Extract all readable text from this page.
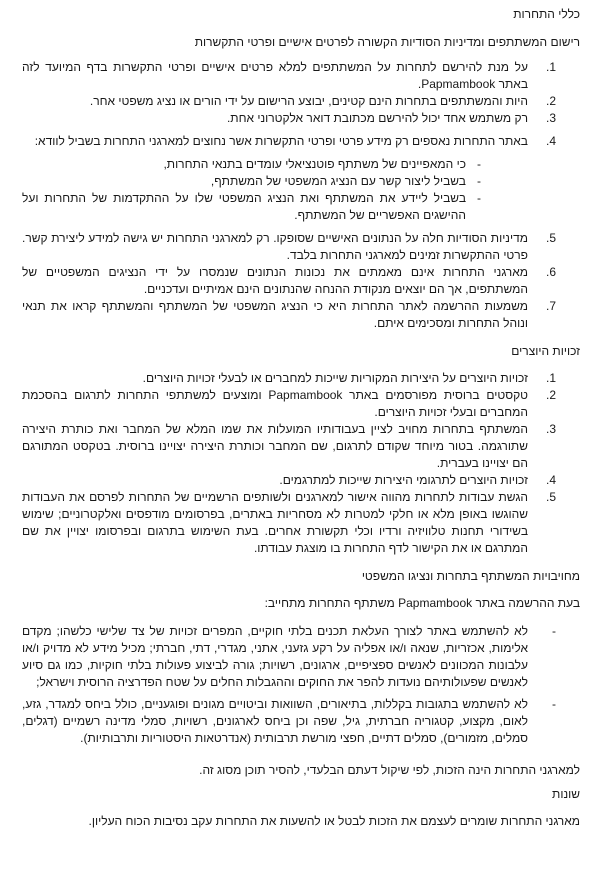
כללי התחרות

רישום המשתתפים ומדיניות הסודיות הקשורה לפרטים אישיים ופרטי התקשרות

1.
על מנת להירשם לתחרות על המשתתפים למלא פרטים אישיים ופרטי התקשרות בדף המיועד לזה באתר Papmambook.
2.
היות והמשתתפים בתחרות הינם קטינים, יבוצע הרישום על ידי הורים או נציג משפטי אחר.
3.
רק משתמש אחד יכול להירשם מכתובת דואר אלקטרוני אחת.
4.
באתר התחרות נאספים רק מידע פרטי ופרטי התקשרות אשר נחוצים למארגני התחרות בשביל לוודא:
-
כי המאפיינים של משתתף פוטנציאלי עומדים בתנאי התחרות,
-
בשביל ליצור קשר עם הנציג המשפטי של המשתתף,
-
בשביל ליידע את המשתתף ואת הנציג המשפטי שלו על ההתקדמות של התחרות ועל ההישגים האפשריים של המשתתף.
5.
מדיניות הסודיות חלה על הנתונים האישיים שסופקו. רק למארגני התחרות יש גישה למידע ליצירת קשר. פרטי ההתקשרות זמינים למארגני התחרות בלבד.
6.
מארגני התחרות אינם מאמתים את נכונות הנתונים שנמסרו על ידי הנציגים המשפטיים של המשתתפים, אך הם יוצאים מנקודת ההנחה שהנתונים הינם אמיתיים ועדכניים.
7.
משמעות ההרשמה לאתר התחרות היא כי הנציג המשפטי של המשתתף והמשתתף קראו את תנאי ונוהל התחרות ומסכימים איתם.

זכויות היוצרים

1.
זכויות היוצרים על היצירות המקוריות שייכות למחברים או לבעלי זכויות היוצרים.
2.
טקסטים ברוסית מפורסמים באתר Papmambook ומוצעים למשתתפי התחרות לתרגום בהסכמת המחברים ובעלי זכויות היוצרים.
3.
המשתתף בתחרות מחויב לציין בעבודותיו המועלות את שמו המלא של המחבר ואת כותרת היצירה שתורגמה. בטור מיוחד שקודם לתרגום, שם המחבר וכותרת היצירה יצויינו ברוסית. בטקסט המתורגם הם יצויינו בעברית.
4.
זכויות היוצרים לתרגומי היצירות שייכות למתרגמים.
5.
הגשת עבודות לתחרות מהווה אישור למארגנים ולשותפים הרשמיים של התחרות לפרסם את העבודות שהוגשו באופן מלא או חלקי למטרות לא מסחריות באתרים, בפרסומים מודפסים ואלקטרוניים; שימוש בשידורי תחנות טלוויזיה ורדיו וכלי תקשורת אחרים. בעת השימוש בתרגום ובפרסומו יצויין את שם המתרגם או את הקישור לדף התחרות בו מוצגת עבודתו.

מחויבויות המשתתף בתחרות ונציגו המשפטי

בעת ההרשמה באתר Papmambook משתתף התחרות מתחייב:

-
לא להשתמש באתר לצורך העלאת תכנים בלתי חוקיים, המפרים זכויות של צד שלישי כלשהו; מקדם אלימות, אכזריות, שנאה ו/או אפליה על רקע גזעני, אתני, מגדרי, דתי, חברתי; מכיל מידע לא מדויק ו/או עלבונות המכוונים לאנשים ספציפיים, ארגונים, רשויות; גורה לביצוע פעולות בלתי חוקיות, כמו גם סיוע לאנשים שפעולותיהם נועדות להפר את החוקים וההגבלות החלים על שטח הפדרציה הרוסית וישראל;
-
לא להשתמש בתגובות בקללות, בתיאורים, השוואות וביטויים מגונים ופוגעניים, כולל ביחס למגדר, גזע, לאום, מקצוע, קטגוריה חברתית, גיל, שפה וכן ביחס לארגונים, רשויות, סמלי מדינה רשמיים (דגלים, סמלים, מזמורים), סמלים דתיים, חפצי מורשת תרבותית (אנדרטאות היסטוריות ותרבותיות).

למארגני התחרות הינה הזכות, לפי שיקול דעתם הבלעדי, להסיר תוכן מסוג זה.

שונות

מארגני התחרות שומרים לעצמם את הזכות לבטל או להשעות את התחרות עקב נסיבות הכוח העליון.
